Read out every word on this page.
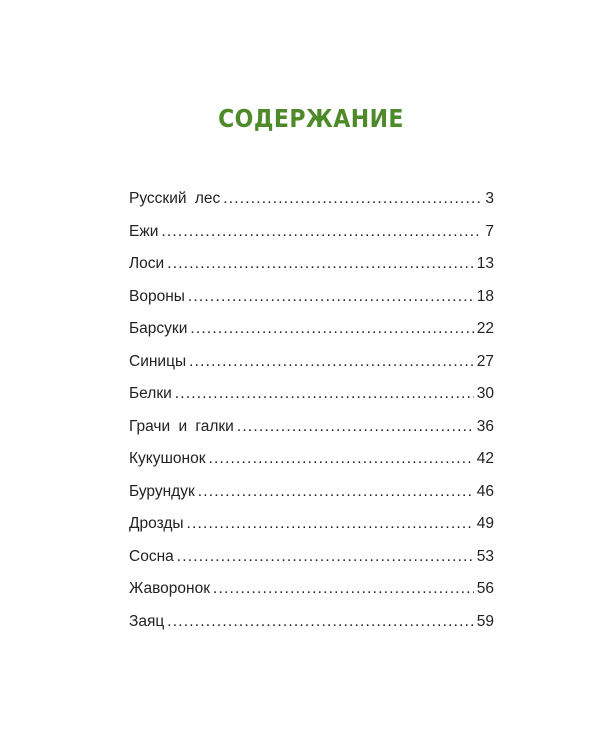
СОДЕРЖАНИЕ
Русский лес .....	3
Ежи .....	7
Лоси .....	13
Вороны .....	18
Барсуки .....	22
Синицы .....	27
Белки .....	30
Грачи и галки .....	36
Кукушонок .....	42
Бурундук .....	46
Дрозды .....	49
Сосна .....	53
Жаворонок .....	56
Заяц .....	59
